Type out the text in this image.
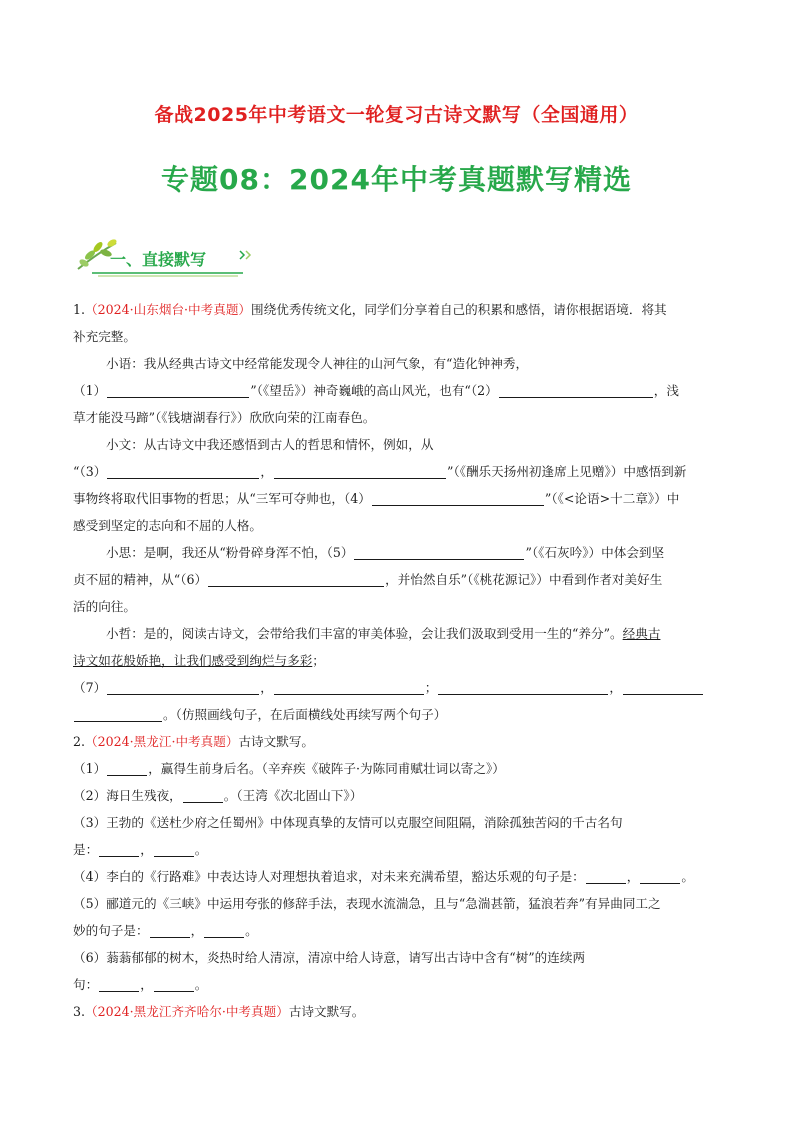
备战2025年中考语文一轮复习古诗文默写（全国通用）
专题08：2024年中考真题默写精选
一、直接默写
1.（2024·山东烟台·中考真题）围绕优秀传统文化，同学们分享着自己的积累和感悟，请你根据语境．将其
补充完整。
小语：我从经典古诗文中经常能发现令人神往的山河气象，有“造化钟神秀，
（1）	”（《望岳》）神奇巍峨的高山风光，也有“（2）	，浅
草才能没马蹄”（《钱塘湖春行》）欣欣向荣的江南春色。
小文：从古诗文中我还感悟到古人的哲思和情怀，例如，从
“（3）	，	”（《酬乐天扬州初逢席上见赠》）中感悟到新
事物终将取代旧事物的哲思；从“三军可夺帅也，（4）	”（《<论语>十二章》）中
感受到坚定的志向和不屈的人格。
小思：是啊，我还从“粉骨碎身浑不怕，（5）	”（《石灰吟》）中体会到坚
贞不屈的精神，从“（6）	，并怡然自乐”（《桃花源记》）中看到作者对美好生
活的向往。
小哲：是的，阅读古诗文，会带给我们丰富的审美体验，会让我们汲取到受用一生的“养分”。经典古
诗文如花般娇艳，让我们感受到绚烂与多彩；
（7）	，	；	，
。（仿照画线句子，在后面横线处再续写两个句子）
2.（2024·黑龙江·中考真题）古诗文默写。
（1）	，赢得生前身后名。（辛弃疾《破阵子·为陈同甫赋壮词以寄之》）
（2）海日生残夜，	。（王湾《次北固山下》）
（3）王勃的《送杜少府之任蜀州》中体现真挚的友情可以克服空间阻隔，消除孤独苦闷的千古名句
是：	，	。
（4）李白的《行路难》中表达诗人对理想执着追求，对未来充满希望，豁达乐观的句子是：	，	。
（5）郦道元的《三峡》中运用夸张的修辞手法，表现水流湍急，且与“急湍甚箭，猛浪若奔”有异曲同工之
妙的句子是：	，	。
（6）蓊蓊郁郁的树木，炎热时给人清凉，清凉中给人诗意，请写出古诗中含有“树”的连续两
句：	，	。
3.（2024·黑龙江齐齐哈尔·中考真题）古诗文默写。
